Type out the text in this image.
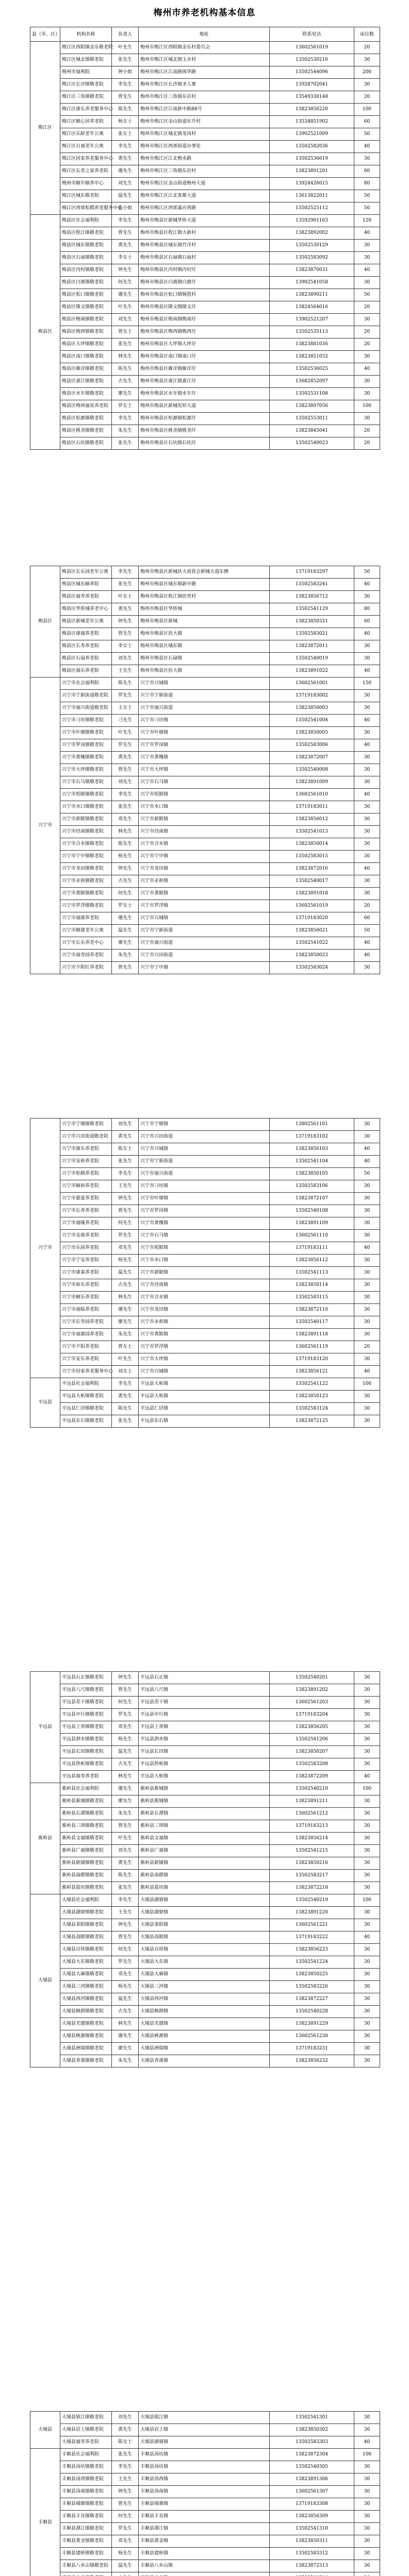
梅州市养老机构基本信息
县（市、区）	机构名称	负责人	地址	联系电话	床位数
梅江区	梅江区西阳镇金乐敬老院	叶先生	梅州市梅江区西阳镇金乐村委员会	13602561019	20
	梅江区城北镇敬老院	张先生	梅州市梅江区城北镇玉水村	13502530216	30
	梅州市福利院	钟小姐	梅州市梅江区江南路锦华路	13502544096	200
	梅江区长沙镇敬老院	李先生	梅州市梅江区长沙镇圣人寨	13928702041	30
	梅江区三角镇敬老院	曾先生	梅州市梅江区三角镇东岩村	13549330148	20
	梅江区康乐养老服务中心	陈先生	梅州市梅江区江南新中路88号	13823856220	100
	梅江区颐心居养老院	杨女士	梅州市梅江区金山街道东升村	13534851902	60
	梅江区乐龄老年公寓	张女士	梅州市梅江区城北镇龙岗村	13902521009	50
	梅江区百福老年公寓	李先生	梅州市梅江区西郊街道办事处	13502582036	40
	梅江区居家养老服务中心	黄先生	梅州市梅江区江北梅水路	13502536619	30
	梅江区长者之家养老院	谢先生	梅州市梅江区三角镇东岩村	13823891201	60
	梅州市颐年颐养中心	刘先生	梅州市梅江区金山街道梅州大道	13924426015	80
	梅江区城东敬老院	温先生	梅州市梅江区江北客都大道	13613822011	50
	梅江区西郊松鹤养老服务中心	张小姐	梅州市梅江区西郊嘉应西路	13502525112	50
梅县区	梅县区社会福利院	李先生	梅州市梅县区新城华侨大道	13592901163	120
	梅县区程江镇敬老院	曾先生	梅州市梅县区程江镇大新村	13823892002	40
	梅县区城东镇敬老院	黄先生	梅州市梅县区城东镇竹洋村	13502530129	30
	梅县区石扇镇敬老院	李女士	梅州市梅县区石扇镇石扇村	13502583092	30
	梅县区丙村镇敬老院	钟先生	梅州市梅县区丙村镇丙村圩	13823870031	40
	梅县区白渡镇敬老院	何先生	梅州市梅县区白渡镇白渡圩	13902541058	30
	梅县区松口镇敬老院	谢先生	梅州市梅县区松口镇铜琶村	13823890211	50
	梅县区隆文镇敬老院	叶先生	梅州市梅县区隆文镇隆文圩	13824564016	20
	梅县区梅南镇敬老院	刘先生	梅州市梅县区梅南镇梅南圩	13902521207	30
	梅县区梅西镇敬老院	曾女士	梅州市梅县区梅西镇梅西圩	13502535113	20
	梅县区大坪镇敬老院	张先生	梅州市梅县区大坪镇大坪圩	13823881036	20
	梅县区南口镇敬老院	林先生	梅州市梅县区南口镇南口圩	13823851032	30
	梅县区雁洋镇敬老院	陈先生	梅州市梅县区雁洋镇雁洋圩	13502536025	40
	梅县区畲江镇敬老院	古先生	梅州市梅县区畲江镇畲江圩	13682852097	30
	梅县区水车镇敬老院	廖先生	梅州市梅县区水车镇水车圩	13502531108	30
	梅县区梅州福星养老院	罗女士	梅州市梅县区新城宪梓大道	13823897056	100
	梅县区松源镇敬老院	李先生	梅州市梅县区松源镇松源圩	13502553011	30
	梅县区桃尧镇敬老院	朱先生	梅州市梅县区桃尧镇桃尧圩	13823845041	20
	梅县区石坑镇敬老院	张先生	梅州市梅县区石坑镇石坑圩	13502540023	20
梅县区	梅县区长乐园老年公寓	李先生	梅州市梅县区新城扶大高管会新城大道东侧	13719183297	50
	梅县区城东颐养院	张先生	梅州市梅县区城东镇新中路	13502583241	40
	梅县区福寿养老院	叶女士	梅州市梅县区程江镇扶贵村	13823856712	30
	梅县区华侨城养老中心	黄先生	梅州市梅县区华侨城	13502541129	80
	梅县区新城老年公寓	钟先生	梅州市梅县区新城	13823850321	60
	梅县区康福养老院	曾先生	梅州市梅县区扶大镇	13502583021	40
	梅县区长寿养老院	李女士	梅州市梅县区城东镇	13823872011	30
	梅县区石扇养老院	刘先生	梅州市梅县区石扇镇	13502540019	30
	梅县区福乐养老院	王先生	梅州市梅县区扶大镇	13823891022	40
兴宁市	兴宁市社会福利院	陈先生	兴宁市兴城镇	13602561001	150
	兴宁市宁新街道敬老院	罗先生	兴宁市宁新街道	13719183002	30
	兴宁市福兴街道敬老院	王女士	兴宁市福兴街道	13823856003	30
	兴宁市刁坊镇敬老院	刁先生	兴宁市刁坊镇	13502541004	40
	兴宁市叶塘镇敬老院	叶先生	兴宁市叶塘镇	13823850005	30
	兴宁市罗岗镇敬老院	罗先生	兴宁市罗岗镇	13502583006	40
	兴宁市黄槐镇敬老院	黄先生	兴宁市黄槐镇	13823872007	30
	兴宁市大坪镇敬老院	曾先生	兴宁市大坪镇	13502540008	30
	兴宁市石马镇敬老院	刘先生	兴宁市石马镇	13823891009	30
	兴宁市坭陂镇敬老院	李先生	兴宁市坭陂镇	13602561010	40
	兴宁市水口镇敬老院	张先生	兴宁市水口镇	13719183011	30
	兴宁市新陂镇敬老院	邓先生	兴宁市新陂镇	13823856012	30
	兴宁市径南镇敬老院	林先生	兴宁市径南镇	13502541013	30
	兴宁市合水镇敬老院	陈先生	兴宁市合水镇	13823850014	30
	兴宁市宁中镇敬老院	杨先生	兴宁市宁中镇	13502583015	30
	兴宁市龙田镇敬老院	钟先生	兴宁市龙田镇	13823872016	40
	兴宁市永和镇敬老院	古先生	兴宁市永和镇	13502540017	30
	兴宁市黄陂镇敬老院	何先生	兴宁市黄陂镇	13823891018	30
	兴宁市罗浮镇敬老院	罗女士	兴宁市罗浮镇	13602561019	20
	兴宁市福康养老院	谢先生	兴宁市兴城镇	13719183020	60
	兴宁市颐康老年公寓	温先生	兴宁市宁新街道	13823856021	50
	兴宁市长乐养老中心	廖先生	兴宁市福兴街道	13502541022	40
	兴宁市福寿园养老院	朱先生	兴宁市兴田街道	13823850023	40
	兴宁市夕阳红养老院	曾先生	兴宁市宁中镇	13502583024	30
兴宁市	兴宁市宁塘镇敬老院	刘先生	兴宁市宁塘镇	13802561101	30
	兴宁市兴田街道敬老院	黄先生	兴宁市兴田街道	13719183102	30
	兴宁市康乐养老院	陈女士	兴宁市兴城镇	13823856103	40
	兴宁市安和养老院	张先生	兴宁市宁新街道	13502541104	40
	兴宁市松鹤养老院	李先生	兴宁市福兴街道	13823850105	50
	兴宁市颐和养老院	王先生	兴宁市刁坊镇	13502583106	30
	兴宁市慈爱养老院	钟先生	兴宁市叶塘镇	13823872107	30
	兴宁市长青养老院	曾先生	兴宁市罗岗镇	13502540108	30
	兴宁市福缘养老院	何先生	兴宁市黄槐镇	13823891109	30
	兴宁市安康养老院	罗先生	兴宁市石马镇	13602561110	30
	兴宁市乐园养老院	邓先生	兴宁市坭陂镇	13719183111	40
	兴宁市宁安养老院	杨先生	兴宁市水口镇	13823856112	30
	兴宁市康泰养老院	温先生	兴宁市新陂镇	13502541113	30
	兴宁市和乐养老院	古先生	兴宁市径南镇	13823850114	30
	兴宁市颐乐养老院	林先生	兴宁市合水镇	13502583115	30
	兴宁市福临养老院	谢先生	兴宁市龙田镇	13823872116	30
	兴宁市长寿园养老院	廖先生	兴宁市永和镇	13502540117	30
	兴宁市福康园养老院	朱先生	兴宁市黄陂镇	13823891118	30
	兴宁市夕阳养老院	曾女士	兴宁市罗浮镇	13602561119	20
	兴宁市安乐养老院	叶先生	兴宁市大坪镇	13719183120	30
	兴宁市居家养老服务中心	刘女士	兴宁市兴城镇	13823856121	40
平远县	平远县社会福利院	李先生	平远县大柘镇	13502541122	100
	平远县大柘镇敬老院	黄先生	平远县大柘镇	13823850123	30
	平远县仁居镇敬老院	陈先生	平远县仁居镇	13502583124	30
	平远县东石镇敬老院	张先生	平远县东石镇	13823872125	30
平远县	平远县石正镇敬老院	钟先生	平远县石正镇	13502540201	30
	平远县八尺镇敬老院	曾先生	平远县八尺镇	13823891202	30
	平远县差干镇敬老院	何先生	平远县差干镇	13602561203	30
	平远县中行镇敬老院	罗先生	平远县中行镇	13719183204	30
	平远县上举镇敬老院	邓先生	平远县上举镇	13823856205	30
	平远县泗水镇敬老院	杨先生	平远县泗水镇	13502541206	30
	平远县长田镇敬老院	温先生	平远县长田镇	13823850207	30
	平远县热柘镇敬老院	古先生	平远县热柘镇	13502583208	30
	平远县福寿养老院	林先生	平远县大柘镇	13823872209	40
蕉岭县	蕉岭县社会福利院	谢先生	蕉岭县蕉城镇	13502540210	100
	蕉岭县蕉城镇敬老院	廖先生	蕉岭县蕉城镇	13823891211	30
	蕉岭县长潭镇敬老院	朱先生	蕉岭县长潭镇	13602561212	30
	蕉岭县三圳镇敬老院	曾先生	蕉岭县三圳镇	13719183213	30
	蕉岭县文福镇敬老院	叶先生	蕉岭县文福镇	13823856214	30
	蕉岭县广福镇敬老院	刘先生	蕉岭县广福镇	13502541215	30
	蕉岭县新铺镇敬老院	黄先生	蕉岭县新铺镇	13823850216	30
	蕉岭县南磜镇敬老院	陈先生	蕉岭县南磜镇	13502583217	30
	蕉岭县蓝坊镇敬老院	张先生	蕉岭县蓝坊镇	13823872218	30
大埔县	大埔县社会福利院	李先生	大埔县湖寮镇	13502540219	100
	大埔县湖寮镇敬老院	王先生	大埔县湖寮镇	13823891220	30
	大埔县茶阳镇敬老院	钟先生	大埔县茶阳镇	13602561221	30
	大埔县高陂镇敬老院	曾先生	大埔县高陂镇	13719183222	40
	大埔县百侯镇敬老院	何先生	大埔县百侯镇	13823856223	30
	大埔县大东镇敬老院	罗先生	大埔县大东镇	13502541224	30
	大埔县大麻镇敬老院	邓先生	大埔县大麻镇	13823850225	30
	大埔县三河镇敬老院	杨先生	大埔县三河镇	13502583226	30
	大埔县西河镇敬老院	温先生	大埔县西河镇	13823872227	30
	大埔县枫朗镇敬老院	古先生	大埔县枫朗镇	13502540228	30
	大埔县光德镇敬老院	林先生	大埔县光德镇	13823891229	30
	大埔县桃源镇敬老院	谢先生	大埔县桃源镇	13602561230	30
	大埔县洲瑞镇敬老院	廖先生	大埔县洲瑞镇	13719183231	30
	大埔县青溪镇敬老院	朱先生	大埔县青溪镇	13823856232	30
大埔县	大埔县银江镇敬老院	刘先生	大埔县银江镇	13502541301	30
	大埔县岩上镇敬老院	黄先生	大埔县岩上镇	13823850302	30
	大埔县福寿养老院	陈女士	大埔县湖寮镇	13502583303	40
丰顺县	丰顺县社会福利院	张先生	丰顺县汤坑镇	13823872304	100
	丰顺县汤坑镇敬老院	李先生	丰顺县汤坑镇	13502540305	30
	丰顺县汤西镇敬老院	王先生	丰顺县汤西镇	13823891306	30
	丰顺县汤南镇敬老院	钟先生	丰顺县汤南镇	13602561307	30
	丰顺县埔寨镇敬老院	曾先生	丰顺县埔寨镇	13719183308	30
	丰顺县丰良镇敬老院	何先生	丰顺县丰良镇	13823856309	30
	丰顺县潭江镇敬老院	罗先生	丰顺县潭江镇	13502541310	30
	丰顺县黄金镇敬老院	邓先生	丰顺县黄金镇	13823850311	30
	丰顺县建桥镇敬老院	杨先生	丰顺县建桥镇	13502583312	30
	丰顺县八乡山镇敬老院	温先生	丰顺县八乡山镇	13823872313	30
